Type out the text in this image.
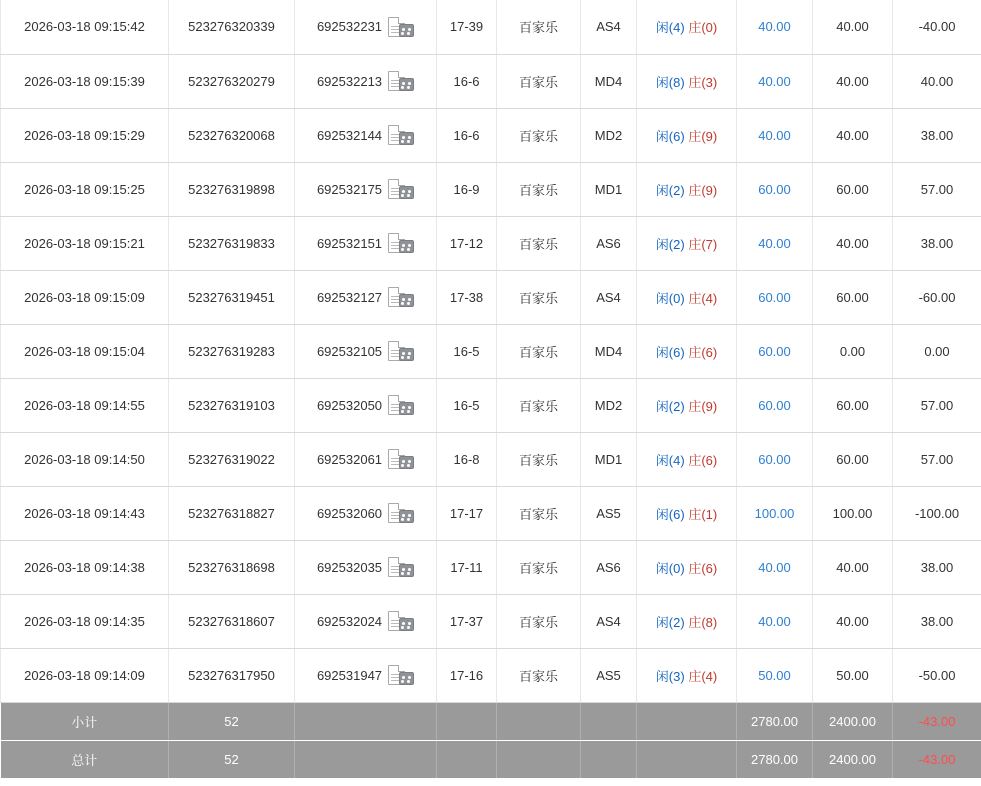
2026-03-18 09:15:42	523276320339	692532231	17-39	百家乐	AS4	闲(4) 庄(0)	40.00	40.00	-40.00
2026-03-18 09:15:39	523276320279	692532213	16-6	百家乐	MD4	闲(8) 庄(3)	40.00	40.00	40.00
2026-03-18 09:15:29	523276320068	692532144	16-6	百家乐	MD2	闲(6) 庄(9)	40.00	40.00	38.00
2026-03-18 09:15:25	523276319898	692532175	16-9	百家乐	MD1	闲(2) 庄(9)	60.00	60.00	57.00
2026-03-18 09:15:21	523276319833	692532151	17-12	百家乐	AS6	闲(2) 庄(7)	40.00	40.00	38.00
2026-03-18 09:15:09	523276319451	692532127	17-38	百家乐	AS4	闲(0) 庄(4)	60.00	60.00	-60.00
2026-03-18 09:15:04	523276319283	692532105	16-5	百家乐	MD4	闲(6) 庄(6)	60.00	0.00	0.00
2026-03-18 09:14:55	523276319103	692532050	16-5	百家乐	MD2	闲(2) 庄(9)	60.00	60.00	57.00
2026-03-18 09:14:50	523276319022	692532061	16-8	百家乐	MD1	闲(4) 庄(6)	60.00	60.00	57.00
2026-03-18 09:14:43	523276318827	692532060	17-17	百家乐	AS5	闲(6) 庄(1)	100.00	100.00	-100.00
2026-03-18 09:14:38	523276318698	692532035	17-11	百家乐	AS6	闲(0) 庄(6)	40.00	40.00	38.00
2026-03-18 09:14:35	523276318607	692532024	17-37	百家乐	AS4	闲(2) 庄(8)	40.00	40.00	38.00
2026-03-18 09:14:09	523276317950	692531947	17-16	百家乐	AS5	闲(3) 庄(4)	50.00	50.00	-50.00
小计	52						2780.00	2400.00	-43.00
总计	52						2780.00	2400.00	-43.00
